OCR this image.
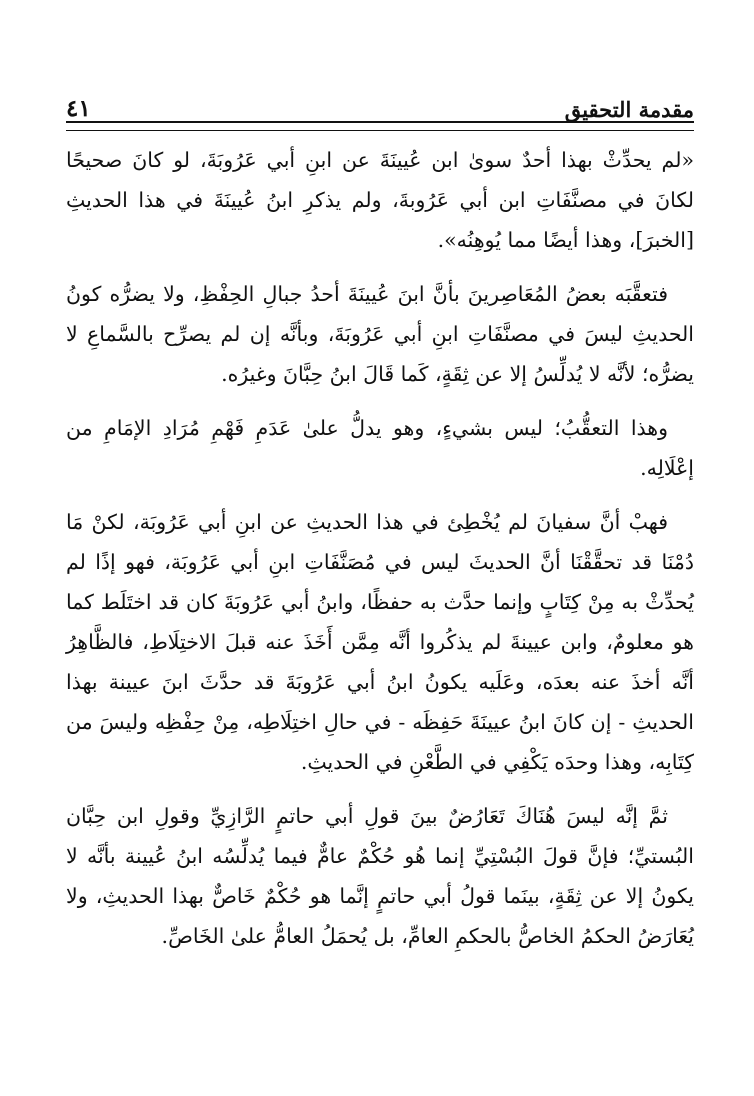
مقدمة التحقيق
٤١

«لم يحدِّثْ بهذا أحدٌ سوىٰ ابن عُيينَةَ عن ابنِ أبي عَرُوبَةَ، لو كانَ صحيحًا لكانَ في مصنَّفَاتِ ابن أبي عَرُوبةَ، ولم يذكرِ ابنُ عُيينَةَ في هذا الحديثِ [الخبرَ]، وهذا أيضًا مما يُوهِنُه».

فتعقَّبَه بعضُ المُعَاصِرينَ بأنَّ ابنَ عُيينَةَ أحدُ جبالِ الحِفْظِ، ولا يضرُّه كونُ الحديثِ ليسَ في مصنَّفَاتِ ابنِ أبي عَرُوبَةَ، وبأنَّه إن لم يصرِّح بالسَّماعِ لا يضرُّه؛ لأنَّه لا يُدلِّسُ إلا عن ثِقَةٍ، كَما قَالَ ابنُ حِبَّانَ وغيرُه.

وهذا التعقُّبُ؛ ليس بشيءٍ، وهو يدلُّ علىٰ عَدَمِ فَهْمِ مُرَادِ الإمَامِ من إعْلَالِه.

فهبْ أنَّ سفيانَ لم يُخْطِئ في هذا الحديثِ عن ابنِ أبي عَرُوبَة، لكنْ مَا دُمْنَا قد تحقَّقْنَا أنَّ الحديثَ ليس في مُصَنَّفَاتِ ابنِ أبي عَرُوبَة، فهو إذًا لم يُحدِّثْ به مِنْ كِتَابٍ وإنما حدَّث به حفظًا، وابنُ أبي عَرُوبَةَ كان قد اختَلَط كما هو معلومٌ، وابن عيينةَ لم يذكُروا أنَّه مِمَّن أَخَذَ عنه قبلَ الاختِلَاطِ، فالظَّاهِرُ أنَّه أخذَ عنه بعدَه، وعَلَيه يكونُ ابنُ أبي عَرُوبَةَ قد حدَّثَ ابنَ عيينة بهذا الحديثِ - إن كانَ ابنُ عيينَةَ حَفِظَه - في حالِ اختِلَاطِه، مِنْ حِفْظِه وليسَ من كِتَابِه، وهذا وحدَه يَكْفِي في الطَّعْنِ في الحديثِ.

ثمَّ إنَّه ليسَ هُنَاكَ تَعَارُضٌ بينَ قولِ أبي حاتمٍ الرَّازِيِّ وقولِ ابن حِبَّان البُستيِّ؛ فإنَّ قولَ البُسْتِيِّ إنما هُو حُكْمٌ عامٌّ فيما يُدلِّسُه ابنُ عُيينة بأنَّه لا يكونُ إلا عن ثِقَةٍ، بينَما قولُ أبي حاتمٍ إنَّما هو حُكْمٌ خَاصٌّ بهذا الحديثِ، ولا يُعَارَضُ الحكمُ الخاصُّ بالحكمِ العامِّ، بل يُحمَلُ العامُّ علىٰ الخَاصِّ.
